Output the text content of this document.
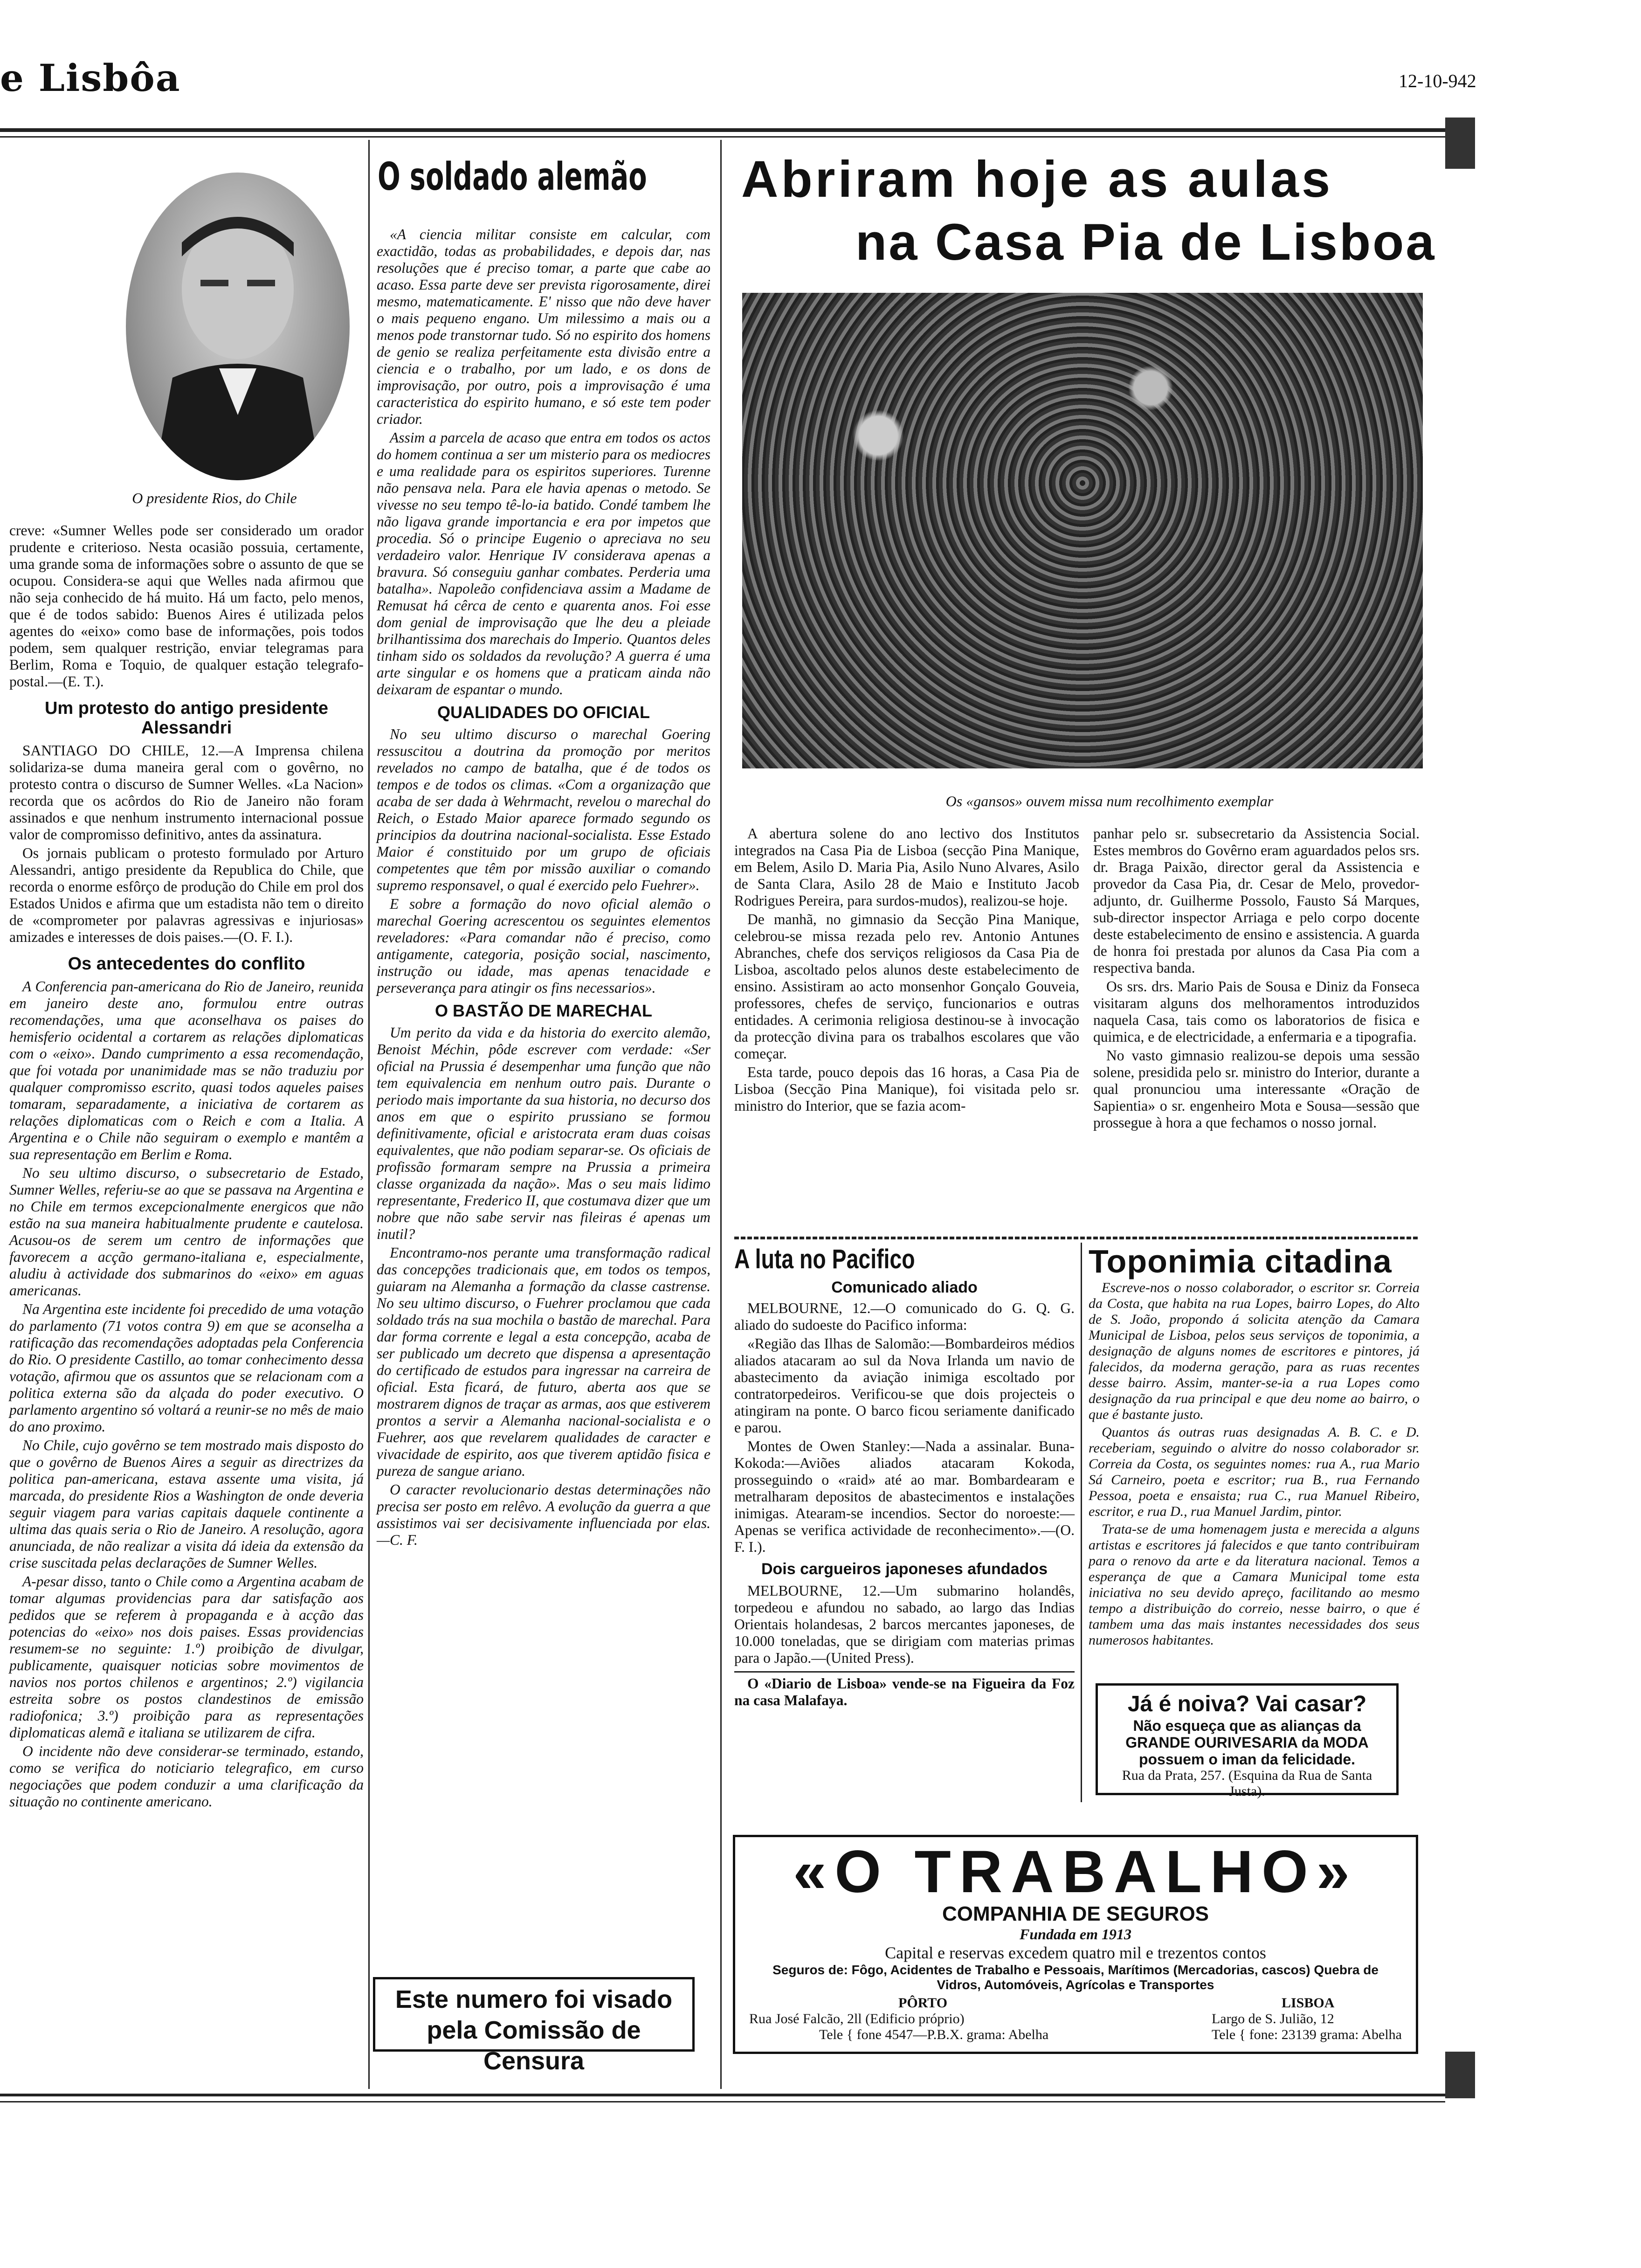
e Lisbôa	12-10-942
O presidente Rios, do Chile

creve: «Sumner Welles pode ser considerado um orador prudente e criterioso. Nesta ocasião possuia, certamente, uma grande soma de informações sobre o assunto de que se ocupou. Considera-se aqui que Welles nada afirmou que não seja conhecido de há muito. Há um facto, pelo menos, que é de todos sabido: Buenos Aires é utilizada pelos agentes do «eixo» como base de informações, pois todos podem, sem qualquer restrição, enviar telegramas para Berlim, Roma e Toquio, de qualquer estação telegrafo-postal.—(E. T.).

Um protesto do antigo presidente Alessandri

SANTIAGO DO CHILE, 12.—A Imprensa chilena solidariza-se duma maneira geral com o govêrno, no protesto contra o discurso de Sumner Welles. «La Nacion» recorda que os acôrdos do Rio de Janeiro não foram assinados e que nenhum instrumento internacional possue valor de compromisso definitivo, antes da assinatura.

Os jornais publicam o protesto formulado por Arturo Alessandri, antigo presidente da Republica do Chile, que recorda o enorme esfôrço de produção do Chile em prol dos Estados Unidos e afirma que um estadista não tem o direito de «comprometer por palavras agressivas e injuriosas» amizades e interesses de dois paises.—(O. F. I.).

Os antecedentes do conflito

A Conferencia pan-americana do Rio de Janeiro, reunida em janeiro deste ano, formulou entre outras recomendações, uma que aconselhava os paises do hemisferio ocidental a cortarem as relações diplomaticas com o «eixo». Dando cumprimento a essa recomendação, que foi votada por unanimidade mas se não traduziu por qualquer compromisso escrito, quasi todos aqueles paises tomaram, separadamente, a iniciativa de cortarem as relações diplomaticas com o Reich e com a Italia. A Argentina e o Chile não seguiram o exemplo e mantêm a sua representação em Berlim e Roma.

No seu ultimo discurso, o subsecretario de Estado, Sumner Welles, referiu-se ao que se passava na Argentina e no Chile em termos excepcionalmente energicos que não estão na sua maneira habitualmente prudente e cautelosa. Acusou-os de serem um centro de informações que favorecem a acção germano-italiana e, especialmente, aludiu à actividade dos submarinos do «eixo» em aguas americanas.

Na Argentina este incidente foi precedido de uma votação do parlamento (71 votos contra 9) em que se aconselha a ratificação das recomendações adoptadas pela Conferencia do Rio. O presidente Castillo, ao tomar conhecimento dessa votação, afirmou que os assuntos que se relacionam com a politica externa são da alçada do poder executivo. O parlamento argentino só voltará a reunir-se no mês de maio do ano proximo.

No Chile, cujo govêrno se tem mostrado mais disposto do que o govêrno de Buenos Aires a seguir as directrizes da politica pan-americana, estava assente uma visita, já marcada, do presidente Rios a Washington de onde deveria seguir viagem para varias capitais daquele continente a ultima das quais seria o Rio de Janeiro. A resolução, agora anunciada, de não realizar a visita dá ideia da extensão da crise suscitada pelas declarações de Sumner Welles.

A-pesar disso, tanto o Chile como a Argentina acabam de tomar algumas providencias para dar satisfação aos pedidos que se referem à propaganda e à acção das potencias do «eixo» nos dois paises. Essas providencias resumem-se no seguinte: 1.º) proibição de divulgar, publicamente, quaisquer noticias sobre movimentos de navios nos portos chilenos e argentinos; 2.º) vigilancia estreita sobre os postos clandestinos de emissão radiofonica; 3.º) proibição para as representações diplomaticas alemã e italiana se utilizarem de cifra.

O incidente não deve considerar-se terminado, estando, como se verifica do noticiario telegrafico, em curso negociações que podem conduzir a uma clarificação da situação no continente americano.

O soldado alemão

«A ciencia militar consiste em calcular, com exactidão, todas as probabilidades, e depois dar, nas resoluções que é preciso tomar, a parte que cabe ao acaso. Essa parte deve ser prevista rigorosamente, direi mesmo, matematicamente. E' nisso que não deve haver o mais pequeno engano. Um milessimo a mais ou a menos pode transtornar tudo. Só no espirito dos homens de genio se realiza perfeitamente esta divisão entre a ciencia e o trabalho, por um lado, e os dons de improvisação, por outro, pois a improvisação é uma caracteristica do espirito humano, e só este tem poder criador.

Assim a parcela de acaso que entra em todos os actos do homem continua a ser um misterio para os mediocres e uma realidade para os espiritos superiores. Turenne não pensava nela. Para ele havia apenas o metodo. Se vivesse no seu tempo tê-lo-ia batido. Condé tambem lhe não ligava grande importancia e era por impetos que procedia. Só o principe Eugenio o apreciava no seu verdadeiro valor. Henrique IV considerava apenas a bravura. Só conseguiu ganhar combates. Perderia uma batalha». Napoleão confidenciava assim a Madame de Remusat há cêrca de cento e quarenta anos. Foi esse dom genial de improvisação que lhe deu a pleiade brilhantissima dos marechais do Imperio. Quantos deles tinham sido os soldados da revolução? A guerra é uma arte singular e os homens que a praticam ainda não deixaram de espantar o mundo.

QUALIDADES DO OFICIAL

No seu ultimo discurso o marechal Goering ressuscitou a doutrina da promoção por meritos revelados no campo de batalha, que é de todos os tempos e de todos os climas. «Com a organização que acaba de ser dada à Wehrmacht, revelou o marechal do Reich, o Estado Maior aparece formado segundo os principios da doutrina nacional-socialista. Esse Estado Maior é constituido por um grupo de oficiais competentes que têm por missão auxiliar o comando supremo responsavel, o qual é exercido pelo Fuehrer».

E sobre a formação do novo oficial alemão o marechal Goering acrescentou os seguintes elementos reveladores: «Para comandar não é preciso, como antigamente, categoria, posição social, nascimento, instrução ou idade, mas apenas tenacidade e perseverança para atingir os fins necessarios».

O BASTÃO DE MARECHAL

Um perito da vida e da historia do exercito alemão, Benoist Méchin, pôde escrever com verdade: «Ser oficial na Prussia é desempenhar uma função que não tem equivalencia em nenhum outro pais. Durante o periodo mais importante da sua historia, no decurso dos anos em que o espirito prussiano se formou definitivamente, oficial e aristocrata eram duas coisas equivalentes, que não podiam separar-se. Os oficiais de profissão formaram sempre na Prussia a primeira classe organizada da nação». Mas o seu mais lidimo representante, Frederico II, que costumava dizer que um nobre que não sabe servir nas fileiras é apenas um inutil?

Encontramo-nos perante uma transformação radical das concepções tradicionais que, em todos os tempos, guiaram na Alemanha a formação da classe castrense. No seu ultimo discurso, o Fuehrer proclamou que cada soldado trás na sua mochila o bastão de marechal. Para dar forma corrente e legal a esta concepção, acaba de ser publicado um decreto que dispensa a apresentação do certificado de estudos para ingressar na carreira de oficial. Esta ficará, de futuro, aberta aos que se mostrarem dignos de traçar as armas, aos que estiverem prontos a servir a Alemanha nacional-socialista e o Fuehrer, aos que revelarem qualidades de caracter e vivacidade de espirito, aos que tiverem aptidão fisica e pureza de sangue ariano.

O caracter revolucionario destas determinações não precisa ser posto em relêvo. A evolução da guerra a que assistimos vai ser decisivamente influenciada por elas.—C. F.

Este numero foi visado pela Comissão de Censura
Abriram hoje as aulas
na Casa Pia de Lisboa
Os «gansos» ouvem missa num recolhimento exemplar

A abertura solene do ano lectivo dos Institutos integrados na Casa Pia de Lisboa (secção Pina Manique, em Belem, Asilo D. Maria Pia, Asilo Nuno Alvares, Asilo de Santa Clara, Asilo 28 de Maio e Instituto Jacob Rodrigues Pereira, para surdos-mudos), realizou-se hoje.

De manhã, no gimnasio da Secção Pina Manique, celebrou-se missa rezada pelo rev. Antonio Antunes Abranches, chefe dos serviços religiosos da Casa Pia de Lisboa, ascoltado pelos alunos deste estabelecimento de ensino. Assistiram ao acto monsenhor Gonçalo Gouveia, professores, chefes de serviço, funcionarios e outras entidades. A cerimonia religiosa destinou-se à invocação da protecção divina para os trabalhos escolares que vão começar.

Esta tarde, pouco depois das 16 horas, a Casa Pia de Lisboa (Secção Pina Manique), foi visitada pelo sr. ministro do Interior, que se fazia acom-

panhar pelo sr. subsecretario da Assistencia Social. Estes membros do Govêrno eram aguardados pelos srs. dr. Braga Paixão, director geral da Assistencia e provedor da Casa Pia, dr. Cesar de Melo, provedor-adjunto, dr. Guilherme Possolo, Fausto Sá Marques, sub-director inspector Arriaga e pelo corpo docente deste estabelecimento de ensino e assistencia. A guarda de honra foi prestada por alunos da Casa Pia com a respectiva banda.

Os srs. drs. Mario Pais de Sousa e Diniz da Fonseca visitaram alguns dos melhoramentos introduzidos naquela Casa, tais como os laboratorios de fisica e quimica, e de electricidade, a enfermaria e a tipografia.

No vasto gimnasio realizou-se depois uma sessão solene, presidida pelo sr. ministro do Interior, durante a qual pronunciou uma interessante «Oração de Sapientia» o sr. engenheiro Mota e Sousa—sessão que prossegue à hora a que fechamos o nosso jornal.

A luta no Pacifico
Comunicado aliado

MELBOURNE, 12.—O comunicado do G. Q. G. aliado do sudoeste do Pacifico informa:

«Região das Ilhas de Salomão:—Bombardeiros médios aliados atacaram ao sul da Nova Irlanda um navio de abastecimento da aviação inimiga escoltado por contratorpedeiros. Verificou-se que dois projecteis o atingiram na ponte. O barco ficou seriamente danificado e parou.

Montes de Owen Stanley:—Nada a assinalar. Buna-Kokoda:—Aviões aliados atacaram Kokoda, prosseguindo o «raid» até ao mar. Bombardearam e metralharam depositos de abastecimentos e instalações inimigas. Atearam-se incendios. Sector do noroeste:—Apenas se verifica actividade de reconhecimento».—(O. F. I.).

Dois cargueiros japoneses afundados

MELBOURNE, 12.—Um submarino holandês, torpedeou e afundou no sabado, ao largo das Indias Orientais holandesas, 2 barcos mercantes japoneses, de 10.000 toneladas, que se dirigiam com materias primas para o Japão.—(United Press).

O «Diario de Lisboa» vende-se na Figueira da Foz na casa Malafaya.

Toponimia citadina

Escreve-nos o nosso colaborador, o escritor sr. Correia da Costa, que habita na rua Lopes, bairro Lopes, do Alto de S. João, propondo á solicita atenção da Camara Municipal de Lisboa, pelos seus serviços de toponimia, a designação de alguns nomes de escritores e pintores, já falecidos, da moderna geração, para as ruas recentes desse bairro. Assim, manter-se-ia a rua Lopes como designação da rua principal e que deu nome ao bairro, o que é bastante justo.

Quantos ás outras ruas designadas A. B. C. e D. receberiam, seguindo o alvitre do nosso colaborador sr. Correia da Costa, os seguintes nomes: rua A., rua Mario Sá Carneiro, poeta e escritor; rua B., rua Fernando Pessoa, poeta e ensaista; rua C., rua Manuel Ribeiro, escritor, e rua D., rua Manuel Jardim, pintor.

Trata-se de uma homenagem justa e merecida a alguns artistas e escritores já falecidos e que tanto contribuiram para o renovo da arte e da literatura nacional. Temos a esperança de que a Camara Municipal tome esta iniciativa no seu devido apreço, facilitando ao mesmo tempo a distribuição do correio, nesse bairro, o que é tambem uma das mais instantes necessidades dos seus numerosos habitantes.

Já é noiva? Vai casar?
Não esqueça que as alianças da GRANDE OURIVESARIA da MODA possuem o iman da felicidade.
Rua da Prata, 257. (Esquina da Rua de Santa Justa).
«O TRABALHO»
COMPANHIA DE SEGUROS
Fundada em 1913
Capital e reservas excedem quatro mil e trezentos contos
Seguros de: Fôgo, Acidentes de Trabalho e Pessoais, Marítimos (Mercadorias, cascos) Quebra de Vidros, Automóveis, Agrícolas e Transportes
PÔRTO
Rua José Falcão, 2ll (Edificio próprio)
Tele { fone 4547—P.B.X. grama: Abelha
LISBOA
Largo de S. Julião, 12
Tele { fone: 23139 grama: Abelha
